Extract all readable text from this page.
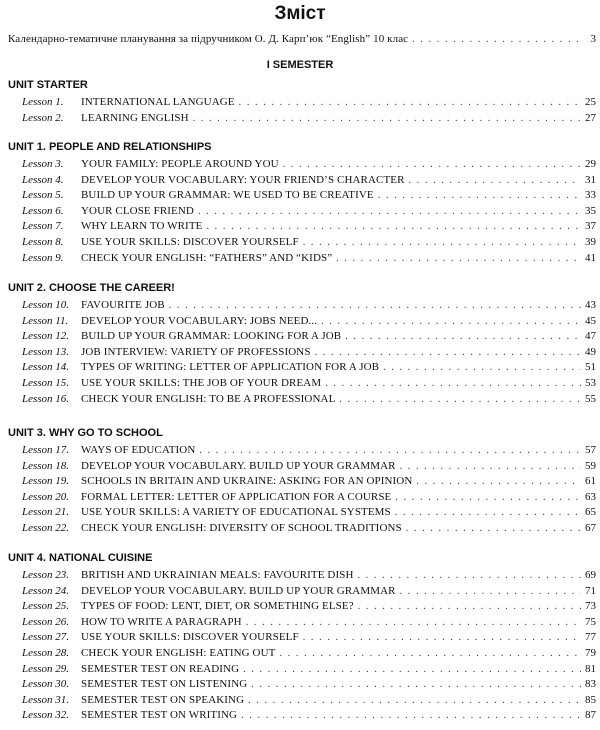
Зміст
Календарно-тематичне планування за підручником О. Д. Карп’юк “English” 10 клас . . .	3
I SEMESTER
UNIT STARTER
Lesson 1.	INTERNATIONAL LANGUAGE . . .	25
Lesson 2.	LEARNING ENGLISH . . .	27
UNIT 1. PEOPLE AND RELATIONSHIPS
Lesson 3.	YOUR FAMILY: PEOPLE AROUND YOU . . .	29
Lesson 4.	DEVELOP YOUR VOCABULARY: YOUR FRIEND’S CHARACTER . . .	31
Lesson 5.	BUILD UP YOUR GRAMMAR: WE USED TO BE CREATIVE . . .	33
Lesson 6.	YOUR CLOSE FRIEND . . .	35
Lesson 7.	WHY LEARN TO WRITE . . .	37
Lesson 8.	USE YOUR SKILLS: DISCOVER YOURSELF . . .	39
Lesson 9.	CHECK YOUR ENGLISH: “FATHERS” AND “KIDS” . . .	41
UNIT 2. CHOOSE THE CAREER!
Lesson 10.	FAVOURITE JOB . . .	43
Lesson 11.	DEVELOP YOUR VOCABULARY: JOBS NEED... . . .	45
Lesson 12.	BUILD UP YOUR GRAMMAR: LOOKING FOR A JOB . . .	47
Lesson 13.	JOB INTERVIEW: VARIETY OF PROFESSIONS . . .	49
Lesson 14.	TYPES OF WRITING: LETTER OF APPLICATION FOR A JOB . . .	51
Lesson 15.	USE YOUR SKILLS: THE JOB OF YOUR DREAM . . .	53
Lesson 16.	CHECK YOUR ENGLISH: TO BE A PROFESSIONAL . . .	55
UNIT 3. WHY GO TO SCHOOL
Lesson 17.	WAYS OF EDUCATION . . .	57
Lesson 18.	DEVELOP YOUR VOCABULARY. BUILD UP YOUR GRAMMAR . . .	59
Lesson 19.	SCHOOLS IN BRITAIN AND UKRAINE: ASKING FOR AN OPINION . . .	61
Lesson 20.	FORMAL LETTER: LETTER OF APPLICATION FOR A COURSE . . .	63
Lesson 21.	USE YOUR SKILLS: A VARIETY OF EDUCATIONAL SYSTEMS . . .	65
Lesson 22.	CHECK YOUR ENGLISH: DIVERSITY OF SCHOOL TRADITIONS . . .	67
UNIT 4. NATIONAL CUISINE
Lesson 23.	BRITISH AND UKRAINIAN MEALS: FAVOURITE DISH . . .	69
Lesson 24.	DEVELOP YOUR VOCABULARY. BUILD UP YOUR GRAMMAR . . .	71
Lesson 25.	TYPES OF FOOD: LENT, DIET, OR SOMETHING ELSE? . . .	73
Lesson 26.	HOW TO WRITE A PARAGRAPH . . .	75
Lesson 27.	USE YOUR SKILLS: DISCOVER YOURSELF . . .	77
Lesson 28.	CHECK YOUR ENGLISH: EATING OUT . . .	79
Lesson 29.	SEMESTER TEST ON READING . . .	81
Lesson 30.	SEMESTER TEST ON LISTENING . . .	83
Lesson 31.	SEMESTER TEST ON SPEAKING . . .	85
Lesson 32.	SEMESTER TEST ON WRITING . . .	87
